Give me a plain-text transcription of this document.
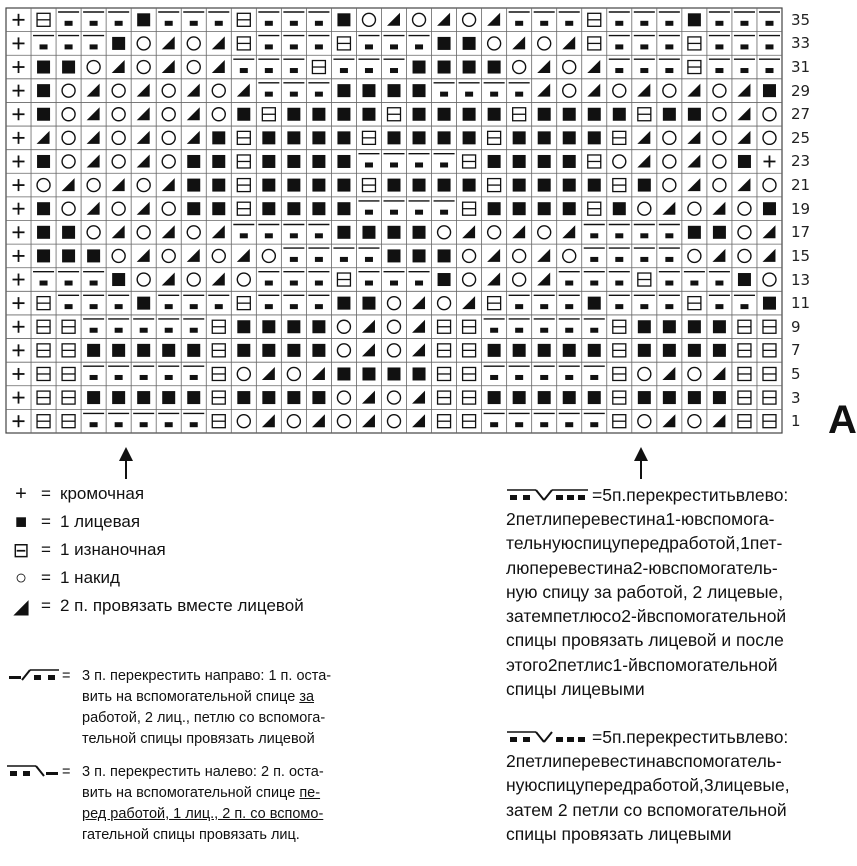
A
+ = кромочная
■ = 1 лицевая
⊟ = 1 изнаночная
○ = 1 накид
◢ = 2 п. провязать вместе лицевой
= 3 п. перекрестить направо: 1 п. оста-
вить на вспомогательной спице за
работой, 2 лиц., петлю со вспомога-
тельной спицы провязать лицевой
= 3 п. перекрестить налево: 2 п. оста-
вить на вспомогательной спице пе-
ред работой, 1 лиц., 2 п. со вспомо-
гательной спицы провязать лиц.
=5п.перекреститьвлево:
2петлиперевестина1-ювспомога-
тельнуюспицупередработой,1пет-
люперевестина2-ювспомогатель-
ную спицу за работой, 2 лицевые,
затемпетлюсо2-йвспомогательной
спицы провязать лицевой и после
этого2петлис1-йвспомогательной
спицы лицевыми
=5п.перекреститьвлево:
2петлиперевестинавспомогатель-
нуюспицупередработой,3лицевые,
затем 2 петли со вспомогательной
спицы провязать лицевыми
35
33
31
29
27
25
23
21
19
17
15
13
11
9
7
5
3
1
